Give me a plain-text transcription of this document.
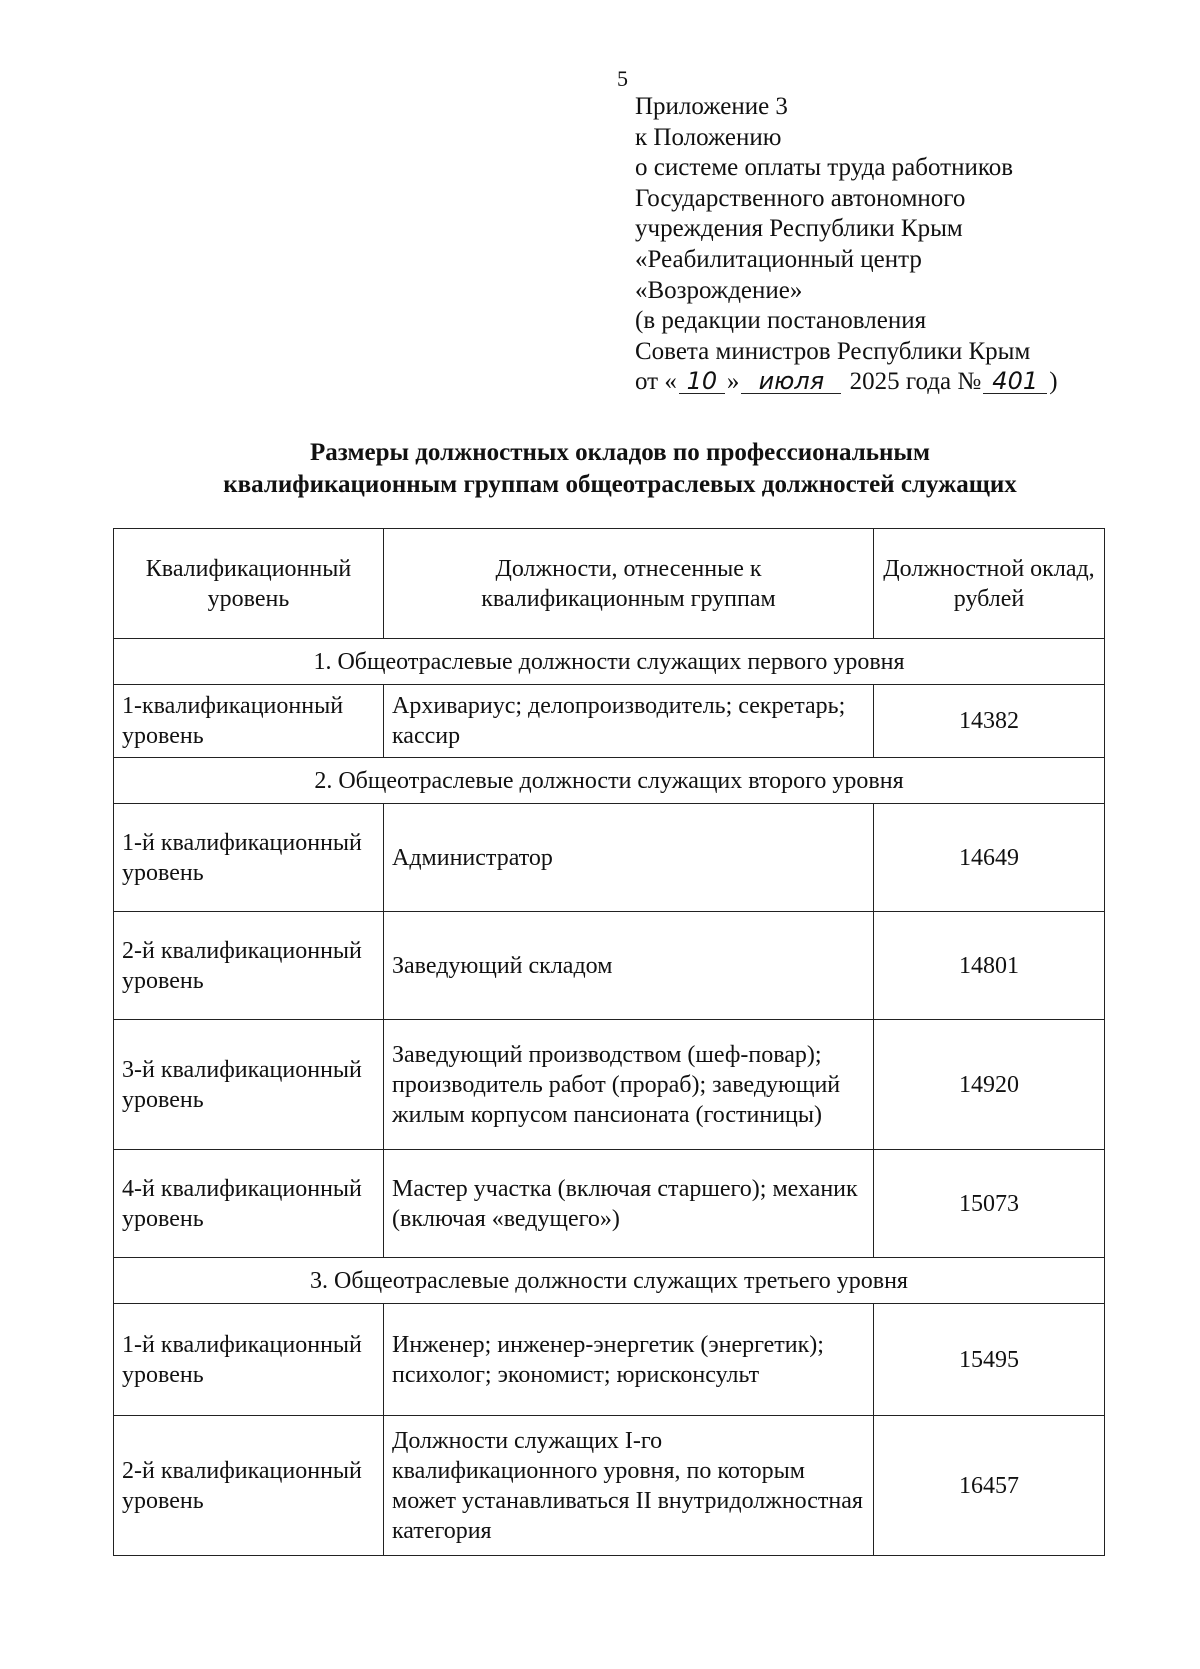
5
Приложение 3
к Положению
о системе оплаты труда работников
Государственного автономного
учреждения Республики Крым
«Реабилитационный центр
«Возрождение»
(в редакции постановления
Совета министров Республики Крым
от « 10 » июля 2025 года № 401 )
Размеры должностных окладов по профессиональным
квалификационным группам общеотраслевых должностей служащих
Квалификационный уровень	Должности, отнесенные к квалификационным группам	Должностной оклад, рублей
1. Общеотраслевые должности служащих первого уровня		
1-квалификационный уровень	Архивариус; делопроизводитель; секретарь; кассир	14382
2. Общеотраслевые должности служащих второго уровня		
1-й квалификационный уровень	Администратор	14649
2-й квалификационный уровень	Заведующий складом	14801
3-й квалификационный уровень	Заведующий производством (шеф-повар); производитель работ (прораб); заведующий жилым корпусом пансионата (гостиницы)	14920
4-й квалификационный уровень	Мастер участка (включая старшего); механик (включая «ведущего»)	15073
3. Общеотраслевые должности служащих третьего уровня		
1-й квалификационный уровень	Инженер; инженер-энергетик (энергетик); психолог; экономист; юрисконсульт	15495
2-й квалификационный уровень	Должности служащих I-го квалификационного уровня, по которым может устанавливаться II внутридолжностная категория	16457
